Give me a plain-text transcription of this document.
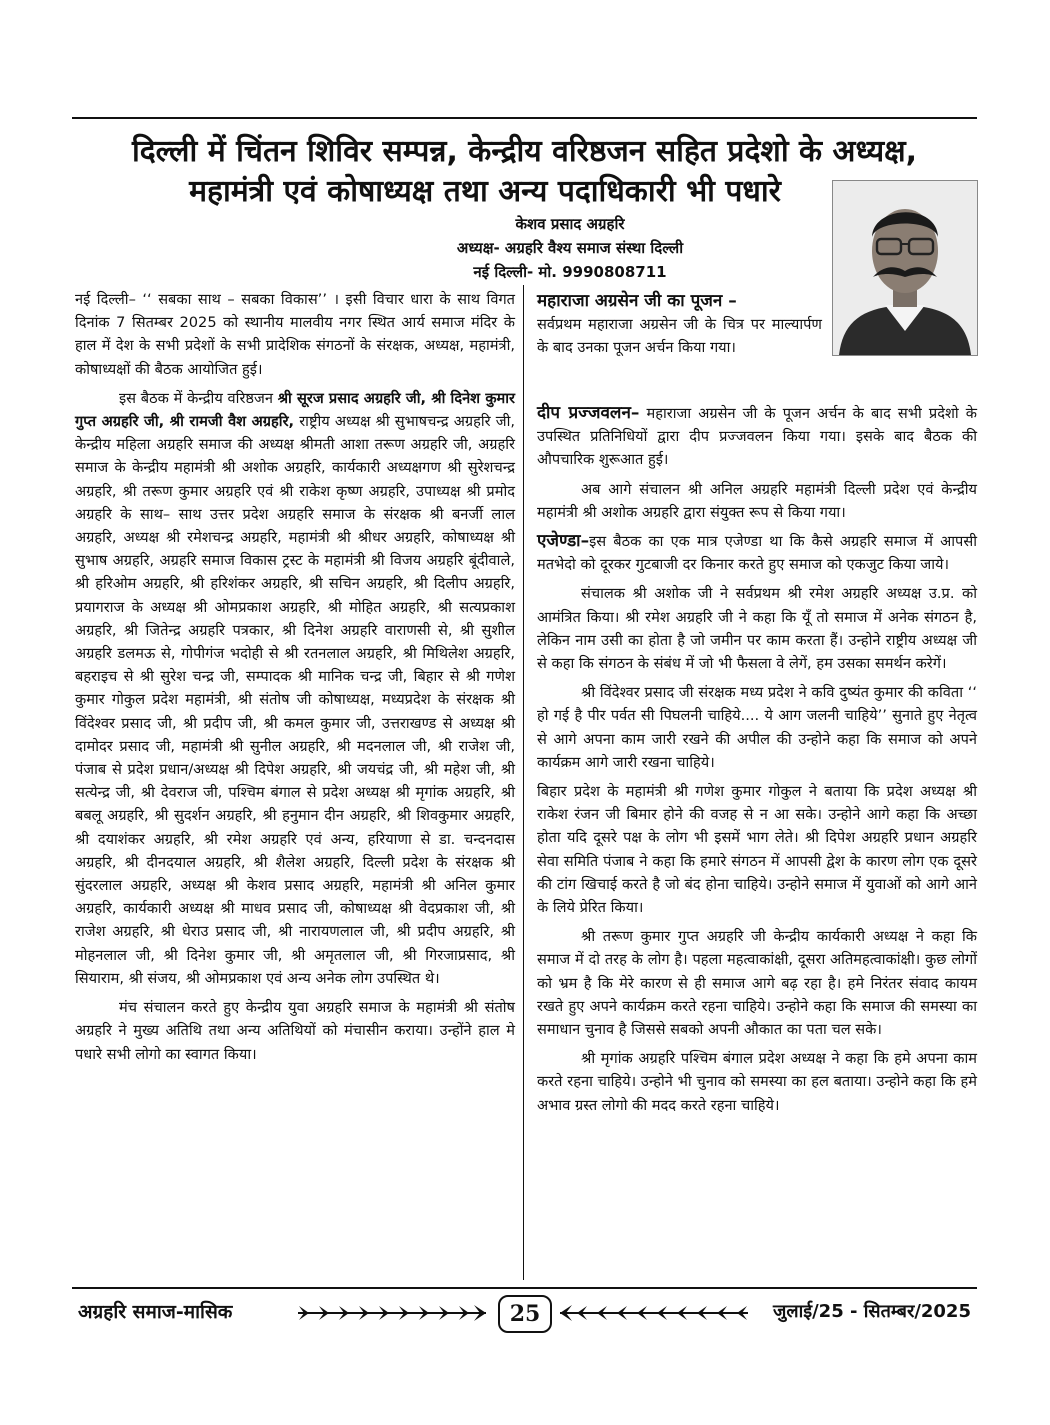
दिल्ली में चिंतन शिविर सम्पन्न, केन्द्रीय वरिष्ठजन सहित प्रदेशो के अध्यक्ष,
महामंत्री एवं कोषाध्यक्ष तथा अन्य पदाधिकारी भी पधारे
केशव प्रसाद अग्रहरि
अध्यक्ष- अग्रहरि वैश्य समाज संस्था दिल्ली
नई दिल्ली- मो. 9990808711

नई दिल्ली– ‘‘ सबका साथ – सबका विकास’’ । इसी विचार धारा के साथ विगत दिनांक 7 सितम्बर 2025 को स्थानीय मालवीय नगर स्थित आर्य समाज मंदिर के हाल में देश के सभी प्रदेशों के सभी प्रादेशिक संगठनों के संरक्षक, अध्यक्ष, महामंत्री, कोषाध्यक्षों की बैठक आयोजित हुई।

इस बैठक में केन्द्रीय वरिष्ठजन श्री सूरज प्रसाद अग्रहरि जी, श्री दिनेश कुमार गुप्त अग्रहरि जी, श्री रामजी वैश अग्रहरि, राष्ट्रीय अध्यक्ष श्री सुभाषचन्द्र अग्रहरि जी, केन्द्रीय महिला अग्रहरि समाज की अध्यक्ष श्रीमती आशा तरूण अग्रहरि जी, अग्रहरि समाज के केन्द्रीय महामंत्री श्री अशोक अग्रहरि, कार्यकारी अध्यक्षगण श्री सुरेशचन्द्र अग्रहरि, श्री तरूण कुमार अग्रहरि एवं श्री राकेश कृष्ण अग्रहरि, उपाध्यक्ष श्री प्रमोद अग्रहरि के साथ– साथ उत्तर प्रदेश अग्रहरि समाज के संरक्षक श्री बनर्जी लाल अग्रहरि, अध्यक्ष श्री रमेशचन्द्र अग्रहरि, महामंत्री श्री श्रीधर अग्रहरि, कोषाध्यक्ष श्री सुभाष अग्रहरि, अग्रहरि समाज विकास ट्रस्ट के महामंत्री श्री विजय अग्रहरि बूंदीवाले, श्री हरिओम अग्रहरि, श्री हरिशंकर अग्रहरि, श्री सचिन अग्रहरि, श्री दिलीप अग्रहरि, प्रयागराज के अध्यक्ष श्री ओमप्रकाश अग्रहरि, श्री मोहित अग्रहरि, श्री सत्यप्रकाश अग्रहरि, श्री जितेन्द्र अग्रहरि पत्रकार, श्री दिनेश अग्रहरि वाराणसी से, श्री सुशील अग्रहरि डलमऊ से, गोपीगंज भदोही से श्री रतनलाल अग्रहरि, श्री मिथिलेश अग्रहरि, बहराइच से श्री सुरेश चन्द्र जी, सम्पादक श्री मानिक चन्द्र जी, बिहार से श्री गणेश कुमार गोकुल प्रदेश महामंत्री, श्री संतोष जी कोषाध्यक्ष, मध्यप्रदेश के संरक्षक श्री विंदेश्वर प्रसाद जी, श्री प्रदीप जी, श्री कमल कुमार जी, उत्तराखण्ड से अध्यक्ष श्री दामोदर प्रसाद जी, महामंत्री श्री सुनील अग्रहरि, श्री मदनलाल जी, श्री राजेश जी, पंजाब से प्रदेश प्रधान/अध्यक्ष श्री दिपेश अग्रहरि, श्री जयचंद्र जी, श्री महेश जी, श्री सत्येन्द्र जी, श्री देवराज जी, पश्चिम बंगाल से प्रदेश अध्यक्ष श्री मृगांक अग्रहरि, श्री बबलू अग्रहरि, श्री सुदर्शन अग्रहरि, श्री हनुमान दीन अग्रहरि, श्री शिवकुमार अग्रहरि, श्री दयाशंकर अग्रहरि, श्री रमेश अग्रहरि एवं अन्य, हरियाणा से डा. चन्दनदास अग्रहरि, श्री दीनदयाल अग्रहरि, श्री शैलेश अग्रहरि, दिल्ली प्रदेश के संरक्षक श्री सुंदरलाल अग्रहरि, अध्यक्ष श्री केशव प्रसाद अग्रहरि, महामंत्री श्री अनिल कुमार अग्रहरि, कार्यकारी अध्यक्ष श्री माधव प्रसाद जी, कोषाध्यक्ष श्री वेदप्रकाश जी, श्री राजेश अग्रहरि, श्री धेराउ प्रसाद जी, श्री नारायणलाल जी, श्री प्रदीप अग्रहरि, श्री मोहनलाल जी, श्री दिनेश कुमार जी, श्री अमृतलाल जी, श्री गिरजाप्रसाद, श्री सियाराम, श्री संजय, श्री ओमप्रकाश एवं अन्य अनेक लोग उपस्थित थे।

मंच संचालन करते हुए केन्द्रीय युवा अग्रहरि समाज के महामंत्री श्री संतोष अग्रहरि ने मुख्य अतिथि तथा अन्य अतिथियों को मंचासीन कराया। उन्होंने हाल मे पधारे सभी लोगो का स्वागत किया।

महाराजा अग्रसेन जी का पूजन –
सर्वप्रथम महाराजा अग्रसेन जी के चित्र पर माल्यार्पण के बाद उनका पूजन अर्चन किया गया।

दीप प्रज्जवलन– महाराजा अग्रसेन जी के पूजन अर्चन के बाद सभी प्रदेशो के उपस्थित प्रतिनिधियों द्वारा दीप प्रज्जवलन किया गया। इसके बाद बैठक की औपचारिक शुरूआत हुई।

अब आगे संचालन श्री अनिल अग्रहरि महामंत्री दिल्ली प्रदेश एवं केन्द्रीय महामंत्री श्री अशोक अग्रहरि द्वारा संयुक्त रूप से किया गया।

एजेण्डा–इस बैठक का एक मात्र एजेण्डा था कि कैसे अग्रहरि समाज में आपसी मतभेदो को दूरकर गुटबाजी दर किनार करते हुए समाज को एकजुट किया जाये।

संचालक श्री अशोक जी ने सर्वप्रथम श्री रमेश अग्रहरि अध्यक्ष उ.प्र. को आमंत्रित किया। श्री रमेश अग्रहरि जी ने कहा कि यूँ तो समाज में अनेक संगठन है, लेकिन नाम उसी का होता है जो जमीन पर काम करता हैं। उन्होने राष्ट्रीय अध्यक्ष जी से कहा कि संगठन के संबंध में जो भी फैसला वे लेगें, हम उसका समर्थन करेगें।

श्री विंदेश्वर प्रसाद जी संरक्षक मध्य प्रदेश ने कवि दुष्यंत कुमार की कविता ‘‘ हो गई है पीर पर्वत सी पिघलनी चाहिये.... ये आग जलनी चाहिये’’ सुनाते हुए नेतृत्व से आगे अपना काम जारी रखने की अपील की उन्होने कहा कि समाज को अपने कार्यक्रम आगे जारी रखना चाहिये।

बिहार प्रदेश के महामंत्री श्री गणेश कुमार गोकुल ने बताया कि प्रदेश अध्यक्ष श्री राकेश रंजन जी बिमार होने की वजह से न आ सके। उन्होने आगे कहा कि अच्छा होता यदि दूसरे पक्ष के लोग भी इसमें भाग लेते। श्री दिपेश अग्रहरि प्रधान अग्रहरि सेवा समिति पंजाब ने कहा कि हमारे संगठन में आपसी द्वेश के कारण लोग एक दूसरे की टांग खिचाई करते है जो बंद होना चाहिये। उन्होने समाज में युवाओं को आगे आने के लिये प्रेरित किया।

श्री तरूण कुमार गुप्त अग्रहरि जी केन्द्रीय कार्यकारी अध्यक्ष ने कहा कि समाज में दो तरह के लोग है। पहला महत्वाकांक्षी, दूसरा अतिमहत्वाकांक्षी। कुछ लोगों को भ्रम है कि मेरे कारण से ही समाज आगे बढ़ रहा है। हमे निरंतर संवाद कायम रखते हुए अपने कार्यक्रम करते रहना चाहिये। उन्होने कहा कि समाज की समस्या का समाधान चुनाव है जिससे सबको अपनी औकात का पता चल सके।

श्री मृगांक अग्रहरि पश्चिम बंगाल प्रदेश अध्यक्ष ने कहा कि हमे अपना काम करते रहना चाहिये। उन्होने भी चुनाव को समस्या का हल बताया। उन्होने कहा कि हमे अभाव ग्रस्त लोगो की मदद करते रहना चाहिये।

अग्रहरि समाज-मासिक	25	जुलाई/25 - सितम्बर/2025
